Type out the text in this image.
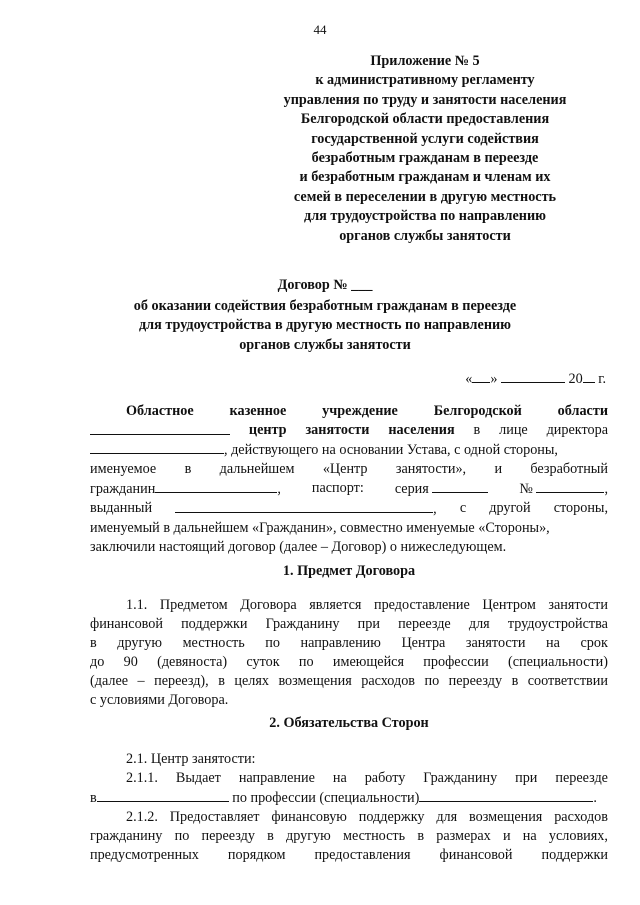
44
Приложение № 5
к административному регламенту
управления по труду и занятости населения
Белгородской области предоставления
государственной услуги содействия
безработным гражданам в переезде
и безработным гражданам и членам их
семей в переселении в другую местность
для трудоустройства по направлению
органов службы занятости
Договор № ___
об оказании содействия безработным гражданам в переезде
для трудоустройства в другую местность по направлению
органов службы занятости
« »	20 г.
Областное	казенное	учреждение	Белгородской	области
центр занятости населения в лице директора
, действующего на основании Устава, с одной стороны,
именуемое в дальнейшем «Центр занятости», и безработный
гражданин	, паспорт: серия	№	,
выданный	, с другой стороны,
именуемый в дальнейшем «Гражданин», совместно именуемые «Стороны»,
заключили настоящий договор (далее – Договор) о нижеследующем.
1. Предмет Договора
1.1. Предметом Договора является предоставление Центром занятости
финансовой поддержки Гражданину при переезде для трудоустройства
в другую местность по направлению Центра занятости на срок
до 90 (девяноста) суток по имеющейся профессии (специальности)
(далее – переезд), в целях возмещения расходов по переезду в соответствии
с условиями Договора.
2. Обязательства Сторон
2.1. Центр занятости:
2.1.1. Выдает направление на работу Гражданину при переезде
в	по профессии (специальности)	.
2.1.2. Предоставляет финансовую поддержку для возмещения расходов
гражданину по переезду в другую местность в размерах и на условиях,
предусмотренных порядком предоставления финансовой поддержки
